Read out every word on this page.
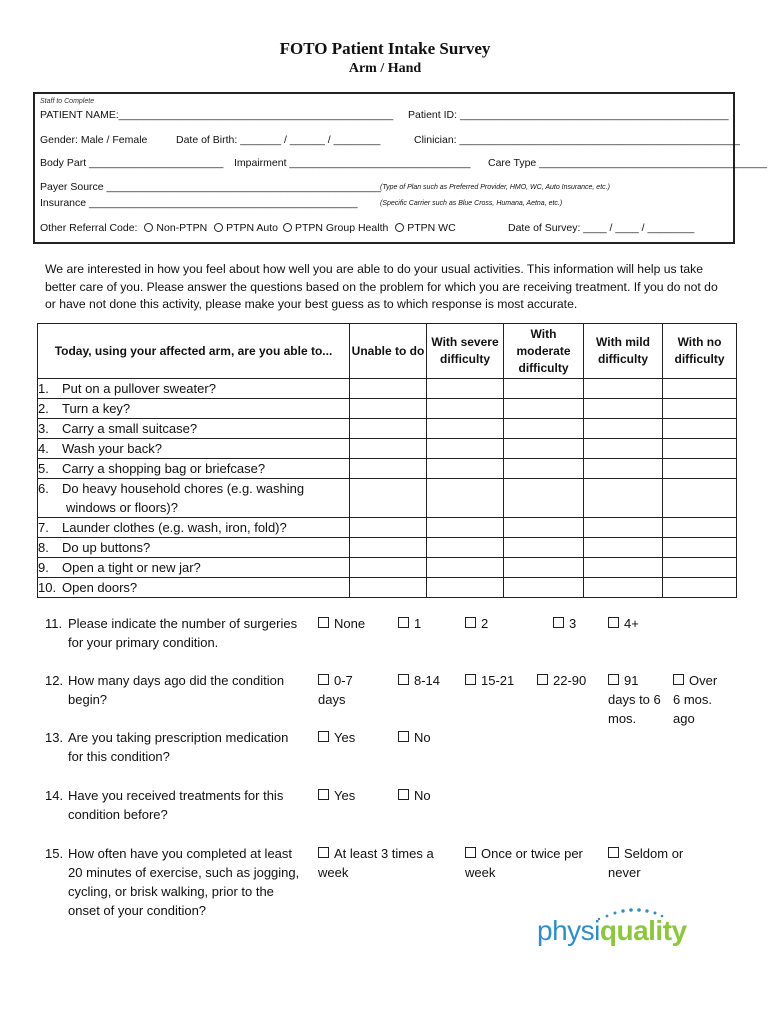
FOTO Patient Intake Survey
Arm / Hand
Staff to Complete
PATIENT NAME:_______________________________________________ Patient ID: ______________________________________________
Gender: Male / Female	Date of Birth: _______ / ______ / ________	Clinician: ________________________________________________
Body Part _______________________ Impairment _______________________________ Care Type _______________________________________
Payer Source _______________________________________________ (Type of Plan such as Preferred Provider, HMO, WC, Auto Insurance, etc.)
Insurance ______________________________________________	(Specific Carrier such as Blue Cross, Humana, Aetna, etc.)
Other Referral Code: Non-PTPN PTPN Auto PTPN Group Health PTPN WC	Date of Survey: ____ / ____ / ________
We are interested in how you feel about how well you are able to do your usual activities. This information will help us take better care of you. Please answer the questions based on the problem for which you are receiving treatment. If you do not do or have not done this activity, please make your best guess as to which response is most accurate.
Today, using your affected arm, are you able to...	Unable to do	With severe difficulty	With moderate difficulty	With mild difficulty	With no difficulty
1. Put on a pullover sweater?					
2. Turn a key?					
3. Carry a small suitcase?					
4. Wash your back?					
5. Carry a shopping bag or briefcase?					
6. Do heavy household chores (e.g. washing
windows or floors)?					

7. Launder clothes (e.g. wash, iron, fold)?					
8. Do up buttons?					
9. Open a tight or new jar?					
10. Open doors?					
11. Please indicate the number of surgeries for your primary condition.
None	1	2	3	4+
12. How many days ago did the condition begin?
0-7 days
8-14	15-21	22-90	91 days to 6 mos.
Over 6 mos. ago
13. Are you taking prescription medication for this condition?
Yes	No
14. Have you received treatments for this condition before?
Yes	No
15. How often have you completed at least 20 minutes of exercise, such as jogging, cycling, or brisk walking, prior to the onset of your condition?
At least 3 times a week
Once or twice per week
Seldom or never
physiquality
